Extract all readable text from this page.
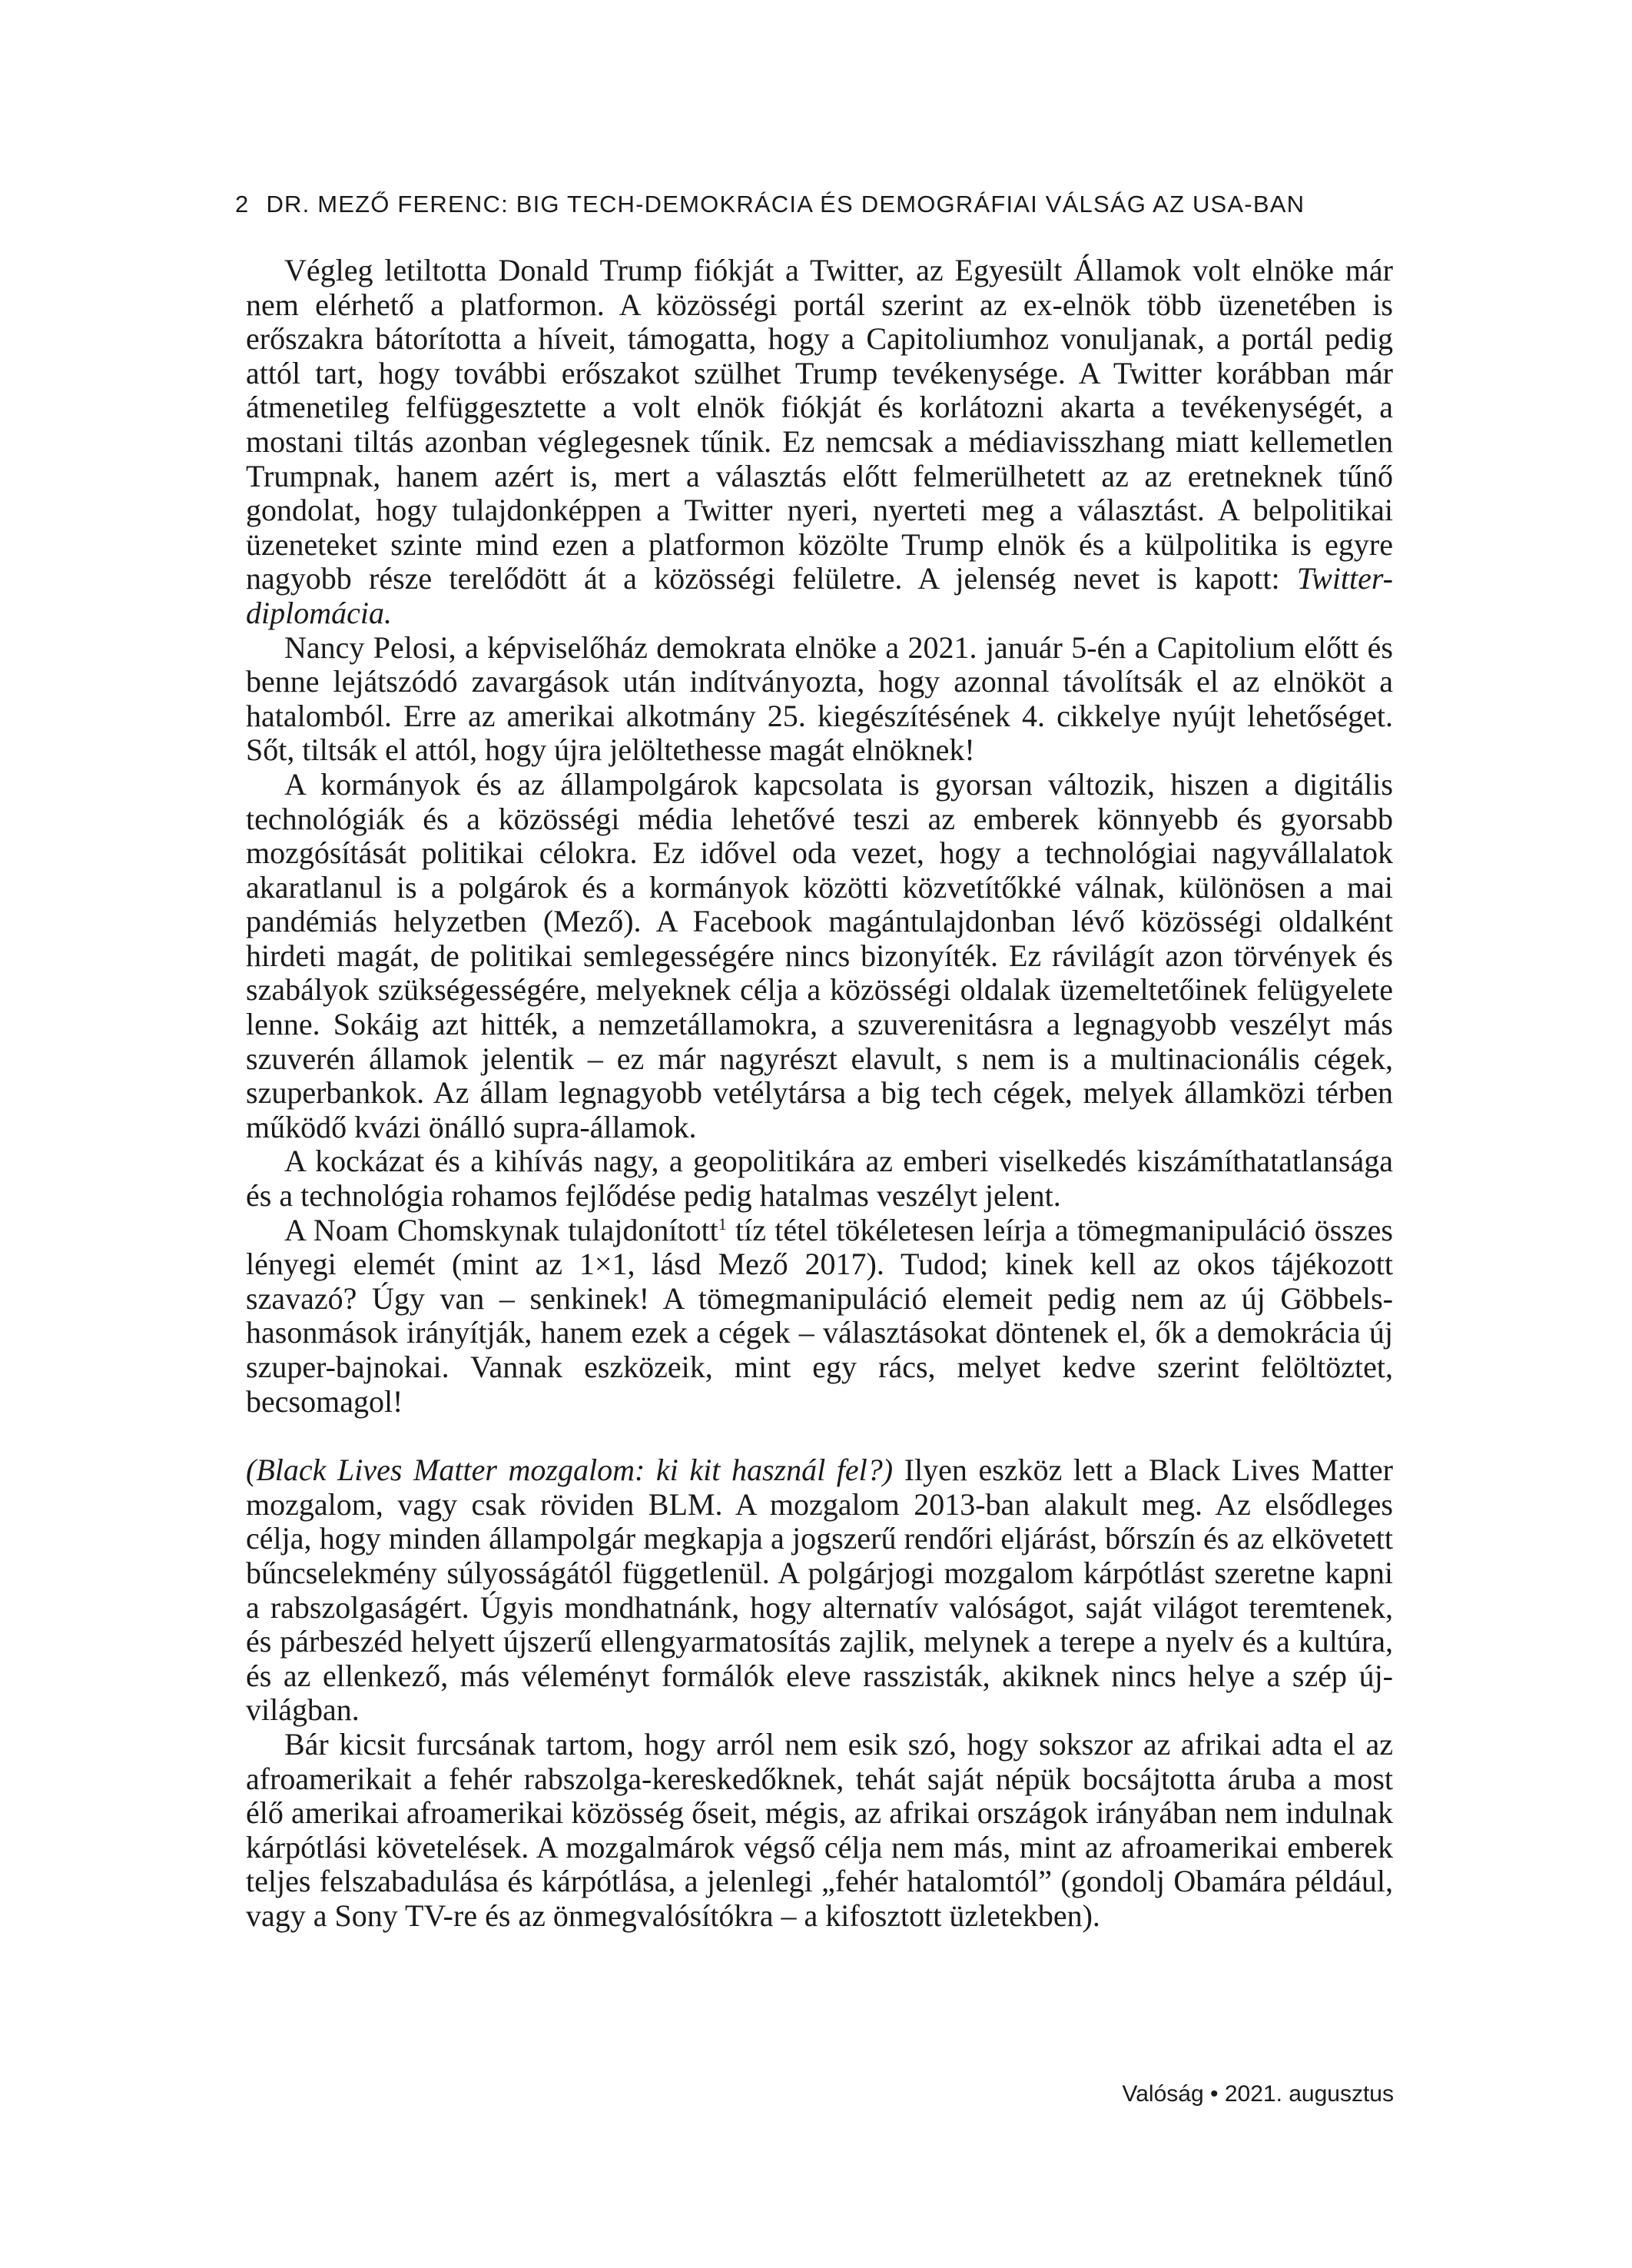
2 DR. MEZŐ FERENC: BIG TECH-DEMOKRÁCIA ÉS DEMOGRÁFIAI VÁLSÁG AZ USA-BAN

Végleg letiltotta Donald Trump fiókját a Twitter, az Egyesült Államok volt elnöke már nem elérhető a platformon. A közösségi portál szerint az ex-elnök több üzenetében is erőszakra bátorította a híveit, támogatta, hogy a Capitoliumhoz vonuljanak, a portál pedig attól tart, hogy további erőszakot szülhet Trump tevékenysége. A Twitter korábban már átmenetileg felfüggesztette a volt elnök fiókját és korlátozni akarta a tevékenységét, a mostani tiltás azonban véglegesnek tűnik. Ez nemcsak a médiavisszhang miatt kellemetlen Trumpnak, hanem azért is, mert a választás előtt felmerülhetett az az eretneknek tűnő gondolat, hogy tulajdonképpen a Twitter nyeri, nyerteti meg a választást. A belpolitikai üzeneteket szinte mind ezen a platformon közölte Trump elnök és a külpolitika is egyre nagyobb része terelődött át a közösségi felületre. A jelenség nevet is kapott: Twitter-diplomácia.

Nancy Pelosi, a képviselőház demokrata elnöke a 2021. január 5-én a Capitolium előtt és benne lejátszódó zavargások után indítványozta, hogy azonnal távolítsák el az elnököt a hatalomból. Erre az amerikai alkotmány 25. kiegészítésének 4. cikkelye nyújt lehetőséget. Sőt, tiltsák el attól, hogy újra jelöltethesse magát elnöknek!

A kormányok és az állampolgárok kapcsolata is gyorsan változik, hiszen a digitális technológiák és a közösségi média lehetővé teszi az emberek könnyebb és gyorsabb mozgósítását politikai célokra. Ez idővel oda vezet, hogy a technológiai nagyvállalatok akaratlanul is a polgárok és a kormányok közötti közvetítőkké válnak, különösen a mai pandémiás helyzetben (Mező). A Facebook magántulajdonban lévő közösségi oldalként hirdeti magát, de politikai semlegességére nincs bizonyíték. Ez rávilágít azon törvények és szabályok szükségességére, melyeknek célja a közösségi oldalak üzemeltetőinek felügyelete lenne. Sokáig azt hitték, a nemzetállamokra, a szuverenitásra a legnagyobb veszélyt más szuverén államok jelentik – ez már nagyrészt elavult, s nem is a multinacionális cégek, szuperbankok. Az állam legnagyobb vetélytársa a big tech cégek, melyek államközi térben működő kvázi önálló supra-államok.

A kockázat és a kihívás nagy, a geopolitikára az emberi viselkedés kiszámíthatatlansága és a technológia rohamos fejlődése pedig hatalmas veszélyt jelent.

A Noam Chomskynak tulajdonított$^1$ tíz tétel tökéletesen leírja a tömegmanipuláció összes lényegi elemét (mint az 1×1, lásd Mező 2017). Tudod; kinek kell az okos tájékozott szavazó? Úgy van – senkinek! A tömegmanipuláció elemeit pedig nem az új Göbbels-hasonmások irányítják, hanem ezek a cégek – választásokat döntenek el, ők a demokrácia új szuper-bajnokai. Vannak eszközeik, mint egy rács, melyet kedve szerint felöltöztet, becsomagol!

(Black Lives Matter mozgalom: ki kit használ fel?) Ilyen eszköz lett a Black Lives Matter mozgalom, vagy csak röviden BLM. A mozgalom 2013-ban alakult meg. Az elsődleges célja, hogy minden állampolgár megkapja a jogszerű rendőri eljárást, bőrszín és az elkövetett bűncselekmény súlyosságától függetlenül. A polgárjogi mozgalom kárpótlást szeretne kapni a rabszolgaságért. Úgyis mondhatnánk, hogy alternatív valóságot, saját világot teremtenek, és párbeszéd helyett újszerű ellengyarmatosítás zajlik, melynek a terepe a nyelv és a kultúra, és az ellenkező, más véleményt formálók eleve rasszisták, akiknek nincs helye a szép új-világban.

Bár kicsit furcsának tartom, hogy arról nem esik szó, hogy sokszor az afrikai adta el az afroamerikait a fehér rabszolga-kereskedőknek, tehát saját népük bocsájtotta áruba a most élő amerikai afroamerikai közösség őseit, mégis, az afrikai országok irányában nem indulnak kárpótlási követelések. A mozgalmárok végső célja nem más, mint az afroamerikai emberek teljes felszabadulása és kárpótlása, a jelenlegi „fehér hatalomtól” (gondolj Obamára például, vagy a Sony TV-re és az önmegvalósítókra – a kifosztott üzletekben).

Valóság • 2021. augusztus
